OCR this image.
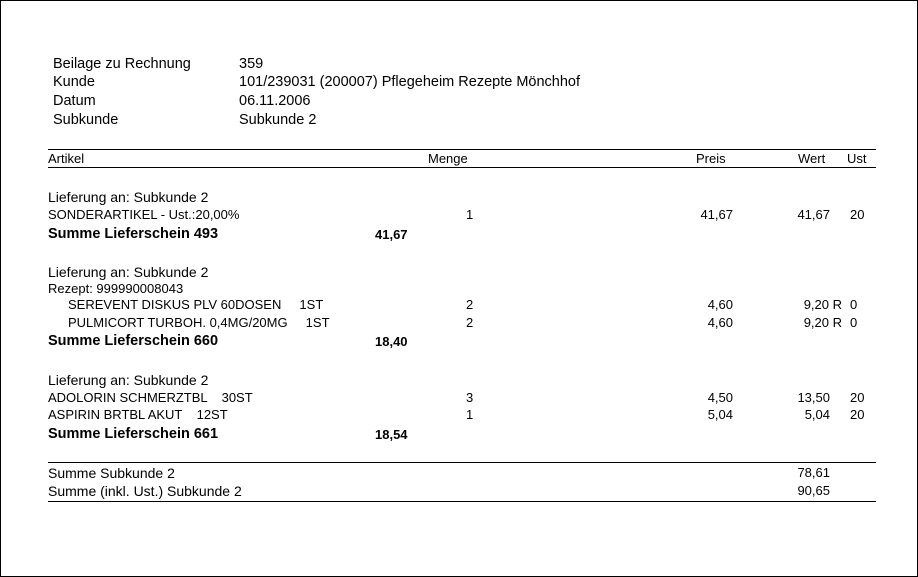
Beilage zu Rechnung	359
Kunde	101/239031 (200007) Pflegeheim Rezepte Mönchhof
Datum	06.11.2006
Subkunde	Subkunde 2
Artikel	Menge	Preis	Wert Ust
Lieferung an: Subkunde 2
SONDERARTIKEL - Ust.:20,00%	1	41,67	41,67 20
Summe Lieferschein 493	41,67
Lieferung an: Subkunde 2
Rezept: 999990008043
SEREVENT DISKUS PLV 60DOSEN     1ST	2	4,60	9,20 R 0
PULMICORT TURBOH. 0,4MG/20MG     1ST	2	4,60	9,20 R 0
Summe Lieferschein 660	18,40
Lieferung an: Subkunde 2
ADOLORIN SCHMERZTBL    30ST	3	4,50	13,50 20
ASPIRIN BRTBL AKUT    12ST	1	5,04	5,04 20
Summe Lieferschein 661	18,54
Summe Subkunde 2	78,61
Summe (inkl. Ust.) Subkunde 2	90,65
